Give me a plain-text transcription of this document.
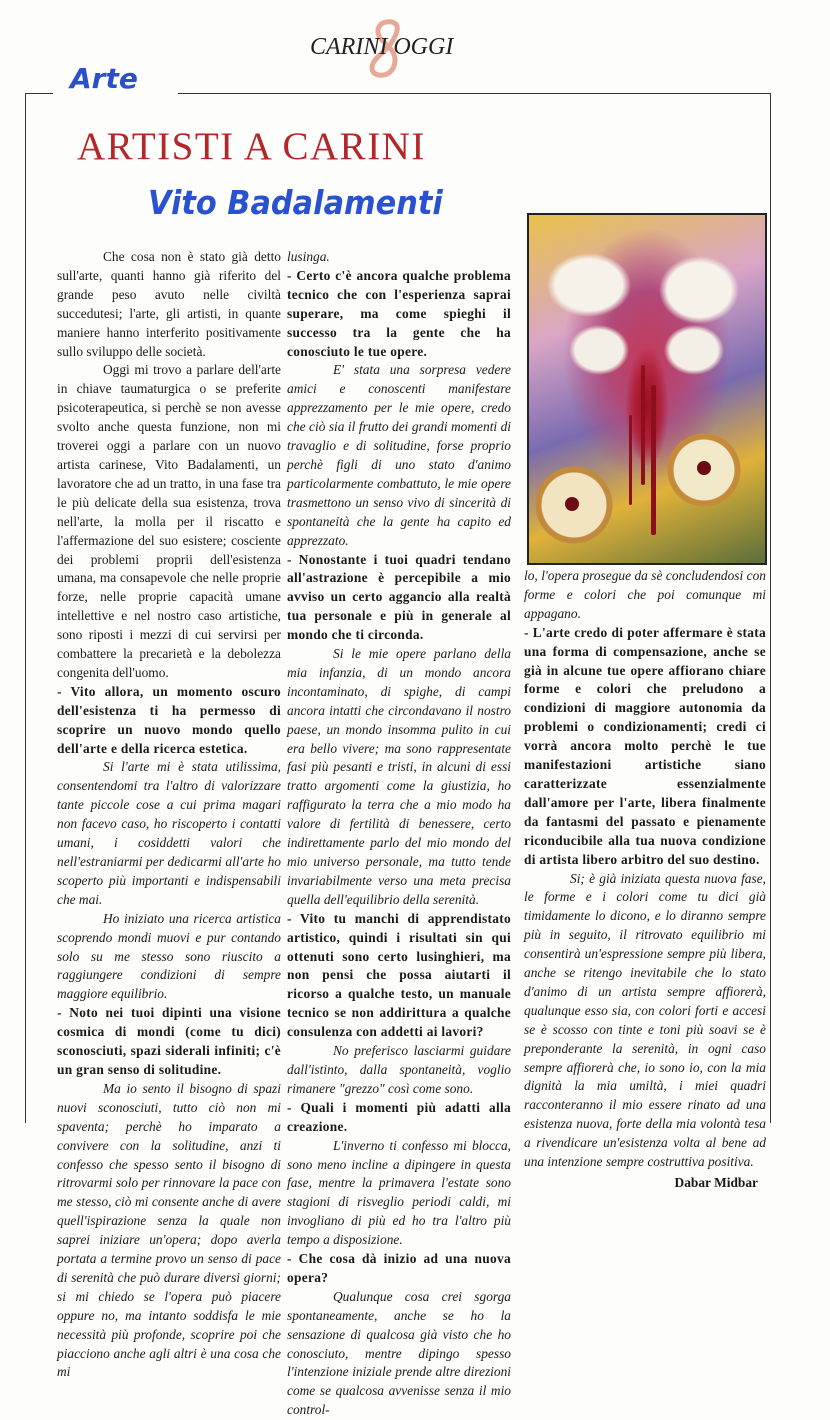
CARINI OGGI
Arte
ARTISTI A CARINI
Vito Badalamenti

Che cosa non è stato già detto sull'arte, quanti hanno già riferito del grande peso avuto nelle civiltà succedutesi; l'arte, gli artisti, in quante maniere hanno interferito positivamente sullo sviluppo delle società.

Oggi mi trovo a parlare dell'arte in chiave taumaturgica o se preferite psicoterapeutica, si perchè se non avesse svolto anche questa funzione, non mi troverei oggi a parlare con un nuovo artista carinese, Vito Badalamenti, un lavoratore che ad un tratto, in una fase tra le più delicate della sua esistenza, trova nell'arte, la molla per il riscatto e l'affermazione del suo esistere; cosciente dei problemi proprii dell'esistenza umana, ma consapevole che nelle proprie forze, nelle proprie capacità umane intellettive e nel nostro caso artistiche, sono riposti i mezzi di cui servirsi per combattere la precarietà e la debolezza congenita dell'uomo.

- Vito allora, un momento oscuro dell'esistenza ti ha permesso di scoprire un nuovo mondo quello dell'arte e della ricerca estetica.

Si l'arte mi è stata utilissima, consentendomi tra l'altro di valorizzare tante piccole cose a cui prima magari non facevo caso, ho riscoperto i contatti umani, i cosiddetti valori che nell'estraniarmi per dedicarmi all'arte ho scoperto più importanti e indispensabili che mai.

Ho iniziato una ricerca artistica scoprendo mondi muovi e pur contando solo su me stesso sono riuscito a raggiungere condizioni di sempre maggiore equilibrio.

- Noto nei tuoi dipinti una visione cosmica di mondi (come tu dici) sconosciuti, spazi siderali infiniti; c'è un gran senso di solitudine.

Ma io sento il bisogno di spazi nuovi sconosciuti, tutto ciò non mi spaventa; perchè ho imparato a convivere con la solitudine, anzi ti confesso che spesso sento il bisogno di ritrovarmi solo per rinnovare la pace con me stesso, ciò mi consente anche di avere quell'ispirazione senza la quale non saprei iniziare un'opera; dopo averla portata a termine provo un senso di pace di serenità che può durare diversi giorni; si mi chiedo se l'opera può piacere oppure no, ma intanto soddisfa le mie necessità più profonde, scoprire poi che piacciono anche agli altri è una cosa che mi

lusinga.

- Certo c'è ancora qualche problema tecnico che con l'esperienza saprai superare, ma come spieghi il successo tra la gente che ha conosciuto le tue opere.

E' stata una sorpresa vedere amici e conoscenti manifestare apprezzamento per le mie opere, credo che ciò sia il frutto dei grandi momenti di travaglio e di solitudine, forse proprio perchè figli di uno stato d'animo particolarmente combattuto, le mie opere trasmettono un senso vivo di sincerità di spontaneità che la gente ha capito ed apprezzato.

- Nonostante i tuoi quadri tendano all'astrazione è percepibile a mio avviso un certo aggancio alla realtà tua personale e più in generale al mondo che ti circonda.

Si le mie opere parlano della mia infanzia, di un mondo ancora incontaminato, di spighe, di campi ancora intatti che circondavano il nostro paese, un mondo insomma pulito in cui era bello vivere; ma sono rappresentate fasi più pesanti e tristi, in alcuni di essi tratto argomenti come la giustizia, ho raffigurato la terra che a mio modo ha valore di fertilità di benessere, certo indirettamente parlo del mio mondo del mio universo personale, ma tutto tende invariabilmente verso una meta precisa quella dell'equilibrio della serenità.

- Vito tu manchi di apprendistato artistico, quindi i risultati sin qui ottenuti sono certo lusinghieri, ma non pensi che possa aiutarti il ricorso a qualche testo, un manuale tecnico se non addirittura a qualche consulenza con addetti ai lavori?

No preferisco lasciarmi guidare dall'istinto, dalla spontaneità, voglio rimanere "grezzo" così come sono.

- Quali i momenti più adatti alla creazione.

L'inverno ti confesso mi blocca, sono meno incline a dipingere in questa fase, mentre la primavera l'estate sono stagioni di risveglio periodi caldi, mi invogliano di più ed ho tra l'altro più tempo a disposizione.

- Che cosa dà inizio ad una nuova opera?

Qualunque cosa crei sgorga spontaneamente, anche se ho la sensazione di qualcosa già visto che ho conosciuto, mentre dipingo spesso l'intenzione iniziale prende altre direzioni come se qualcosa avvenisse senza il mio control-

lo, l'opera prosegue da sè concludendosi con forme e colori che poi comunque mi appagano.

- L'arte credo di poter affermare è stata una forma di compensazione, anche se già in alcune tue opere affiorano chiare forme e colori che preludono a condizioni di maggiore autonomia da problemi o condizionamenti; credi ci vorrà ancora molto perchè le tue manifestazioni artistiche siano caratterizzate essenzialmente dall'amore per l'arte, libera finalmente da fantasmi del passato e pienamente riconducibile alla tua nuova condizione di artista libero arbitro del suo destino.

Si; è già iniziata questa nuova fase, le forme e i colori come tu dici già timidamente lo dicono, e lo diranno sempre più in seguito, il ritrovato equilibrio mi consentirà un'espressione sempre più libera, anche se ritengo inevitabile che lo stato d'animo di un artista sempre affiorerà, qualunque esso sia, con colori forti e accesi se è scosso con tinte e toni più soavi se è preponderante la serenità, in ogni caso sempre affiorerà che, io sono io, con la mia dignità la mia umiltà, i miei quadri racconteranno il mio essere rinato ad una esistenza nuova, forte della mia volontà tesa a rivendicare un'esistenza volta al bene ad una intenzione sempre costruttiva positiva.

Dabar Midbar
